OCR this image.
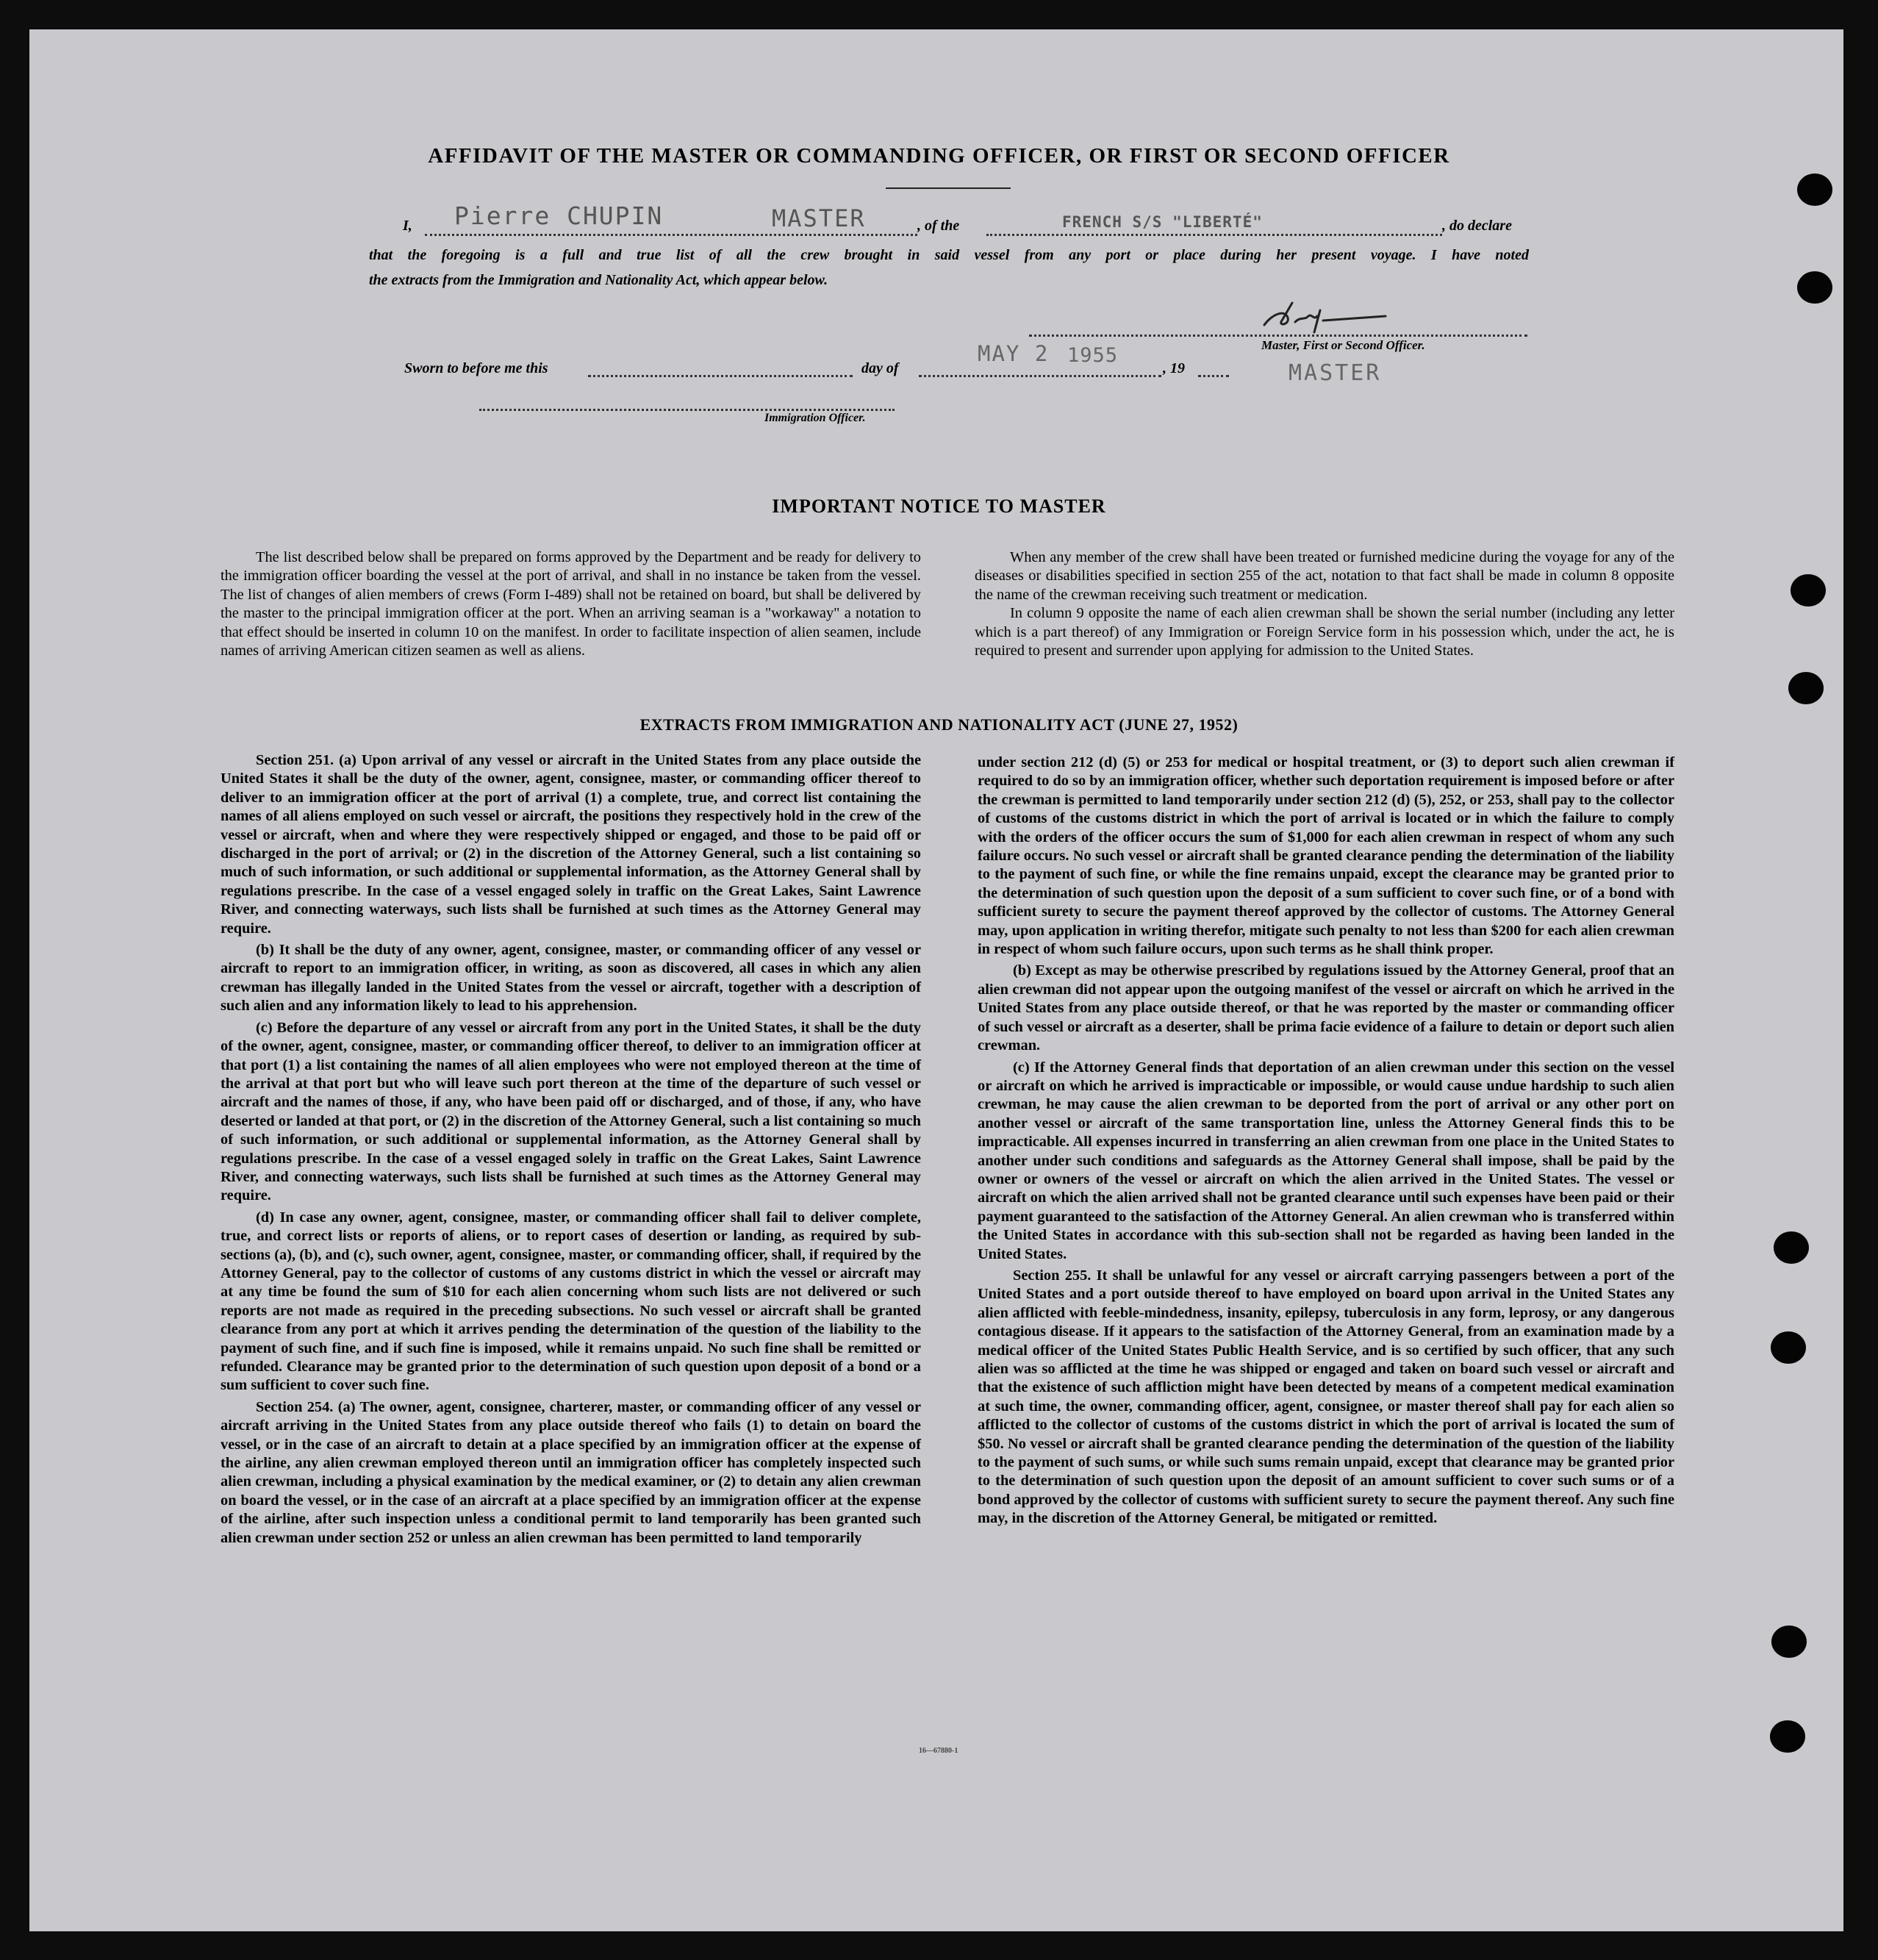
AFFIDAVIT OF THE MASTER OR COMMANDING OFFICER, OR FIRST OR SECOND OFFICER
I, Pierre CHUPIN	MASTER	, of the	FRENCH S/S "LIBERTÉ"	, do declare
that the foregoing is a full and true list of all the crew brought in said vessel from any port or place during her present voyage. I have noted
the extracts from the Immigration and Nationality Act, which appear below.
Master, First or Second Officer.
MASTER
Sworn to before me this	day of
MAY 2 1955
, 19
Immigration Officer.
IMPORTANT NOTICE TO MASTER

The list described below shall be prepared on forms approved by the Department and be ready for delivery to the immigration officer boarding the vessel at the port of arrival, and shall in no instance be taken from the vessel. The list of changes of alien members of crews (Form I-489) shall not be retained on board, but shall be delivered by the master to the principal immigration officer at the port. When an arriving seaman is a "workaway" a notation to that effect should be inserted in column 10 on the manifest. In order to facilitate inspection of alien seamen, include names of arriving American citizen seamen as well as aliens.

When any member of the crew shall have been treated or furnished medicine during the voyage for any of the diseases or disabilities specified in section 255 of the act, notation to that fact shall be made in column 8 opposite the name of the crewman receiving such treatment or medication.

In column 9 opposite the name of each alien crewman shall be shown the serial number (including any letter which is a part thereof) of any Immigration or Foreign Service form in his possession which, under the act, he is required to present and surrender upon applying for admission to the United States.

EXTRACTS FROM IMMIGRATION AND NATIONALITY ACT (JUNE 27, 1952)

Section 251. (a) Upon arrival of any vessel or aircraft in the United States from any place outside the United States it shall be the duty of the owner, agent, consignee, master, or commanding officer thereof to deliver to an immigration officer at the port of arrival (1) a complete, true, and correct list containing the names of all aliens employed on such vessel or aircraft, the positions they respectively hold in the crew of the vessel or aircraft, when and where they were respectively shipped or engaged, and those to be paid off or discharged in the port of arrival; or (2) in the discretion of the Attorney General, such a list containing so much of such information, or such additional or supplemental information, as the Attorney General shall by regulations prescribe. In the case of a vessel engaged solely in traffic on the Great Lakes, Saint Lawrence River, and connecting waterways, such lists shall be furnished at such times as the Attorney General may require.

(b) It shall be the duty of any owner, agent, consignee, master, or commanding officer of any vessel or aircraft to report to an immigration officer, in writing, as soon as discovered, all cases in which any alien crewman has illegally landed in the United States from the vessel or aircraft, together with a description of such alien and any information likely to lead to his apprehension.

(c) Before the departure of any vessel or aircraft from any port in the United States, it shall be the duty of the owner, agent, consignee, master, or commanding officer thereof, to deliver to an immigration officer at that port (1) a list containing the names of all alien employees who were not employed thereon at the time of the arrival at that port but who will leave such port thereon at the time of the departure of such vessel or aircraft and the names of those, if any, who have been paid off or discharged, and of those, if any, who have deserted or landed at that port, or (2) in the discretion of the Attorney General, such a list containing so much of such information, or such additional or supplemental information, as the Attorney General shall by regulations prescribe. In the case of a vessel engaged solely in traffic on the Great Lakes, Saint Lawrence River, and connecting waterways, such lists shall be furnished at such times as the Attorney General may require.

(d) In case any owner, agent, consignee, master, or commanding officer shall fail to deliver complete, true, and correct lists or reports of aliens, or to report cases of desertion or landing, as required by sub-sections (a), (b), and (c), such owner, agent, consignee, master, or commanding officer, shall, if required by the Attorney General, pay to the collector of customs of any customs district in which the vessel or aircraft may at any time be found the sum of $10 for each alien concerning whom such lists are not delivered or such reports are not made as required in the preceding subsections. No such vessel or aircraft shall be granted clearance from any port at which it arrives pending the determination of the question of the liability to the payment of such fine, and if such fine is imposed, while it remains unpaid. No such fine shall be remitted or refunded. Clearance may be granted prior to the determination of such question upon deposit of a bond or a sum sufficient to cover such fine.

Section 254. (a) The owner, agent, consignee, charterer, master, or commanding officer of any vessel or aircraft arriving in the United States from any place outside thereof who fails (1) to detain on board the vessel, or in the case of an aircraft to detain at a place specified by an immigration officer at the expense of the airline, any alien crewman employed thereon until an immigration officer has completely inspected such alien crewman, including a physical examination by the medical examiner, or (2) to detain any alien crewman on board the vessel, or in the case of an aircraft at a place specified by an immigration officer at the expense of the airline, after such inspection unless a conditional permit to land temporarily has been granted such alien crewman under section 252 or unless an alien crewman has been permitted to land temporarily

under section 212 (d) (5) or 253 for medical or hospital treatment, or (3) to deport such alien crewman if required to do so by an immigration officer, whether such deportation requirement is imposed before or after the crewman is permitted to land temporarily under section 212 (d) (5), 252, or 253, shall pay to the collector of customs of the customs district in which the port of arrival is located or in which the failure to comply with the orders of the officer occurs the sum of $1,000 for each alien crewman in respect of whom any such failure occurs. No such vessel or aircraft shall be granted clearance pending the determination of the liability to the payment of such fine, or while the fine remains unpaid, except the clearance may be granted prior to the determination of such question upon the deposit of a sum sufficient to cover such fine, or of a bond with sufficient surety to secure the payment thereof approved by the collector of customs. The Attorney General may, upon application in writing therefor, mitigate such penalty to not less than $200 for each alien crewman in respect of whom such failure occurs, upon such terms as he shall think proper.

(b) Except as may be otherwise prescribed by regulations issued by the Attorney General, proof that an alien crewman did not appear upon the outgoing manifest of the vessel or aircraft on which he arrived in the United States from any place outside thereof, or that he was reported by the master or commanding officer of such vessel or aircraft as a deserter, shall be prima facie evidence of a failure to detain or deport such alien crewman.

(c) If the Attorney General finds that deportation of an alien crewman under this section on the vessel or aircraft on which he arrived is impracticable or impossible, or would cause undue hardship to such alien crewman, he may cause the alien crewman to be deported from the port of arrival or any other port on another vessel or aircraft of the same transportation line, unless the Attorney General finds this to be impracticable. All expenses incurred in transferring an alien crewman from one place in the United States to another under such conditions and safeguards as the Attorney General shall impose, shall be paid by the owner or owners of the vessel or aircraft on which the alien arrived in the United States. The vessel or aircraft on which the alien arrived shall not be granted clearance until such expenses have been paid or their payment guaranteed to the satisfaction of the Attorney General. An alien crewman who is transferred within the United States in accordance with this sub-section shall not be regarded as having been landed in the United States.

Section 255. It shall be unlawful for any vessel or aircraft carrying passengers between a port of the United States and a port outside thereof to have employed on board upon arrival in the United States any alien afflicted with feeble-mindedness, insanity, epilepsy, tuberculosis in any form, leprosy, or any dangerous contagious disease. If it appears to the satisfaction of the Attorney General, from an examination made by a medical officer of the United States Public Health Service, and is so certified by such officer, that any such alien was so afflicted at the time he was shipped or engaged and taken on board such vessel or aircraft and that the existence of such affliction might have been detected by means of a competent medical examination at such time, the owner, commanding officer, agent, consignee, or master thereof shall pay for each alien so afflicted to the collector of customs of the customs district in which the port of arrival is located the sum of $50. No vessel or aircraft shall be granted clearance pending the determination of the question of the liability to the payment of such sums, or while such sums remain unpaid, except that clearance may be granted prior to the determination of such question upon the deposit of an amount sufficient to cover such sums or of a bond approved by the collector of customs with sufficient surety to secure the payment thereof. Any such fine may, in the discretion of the Attorney General, be mitigated or remitted.

16—67880-1
